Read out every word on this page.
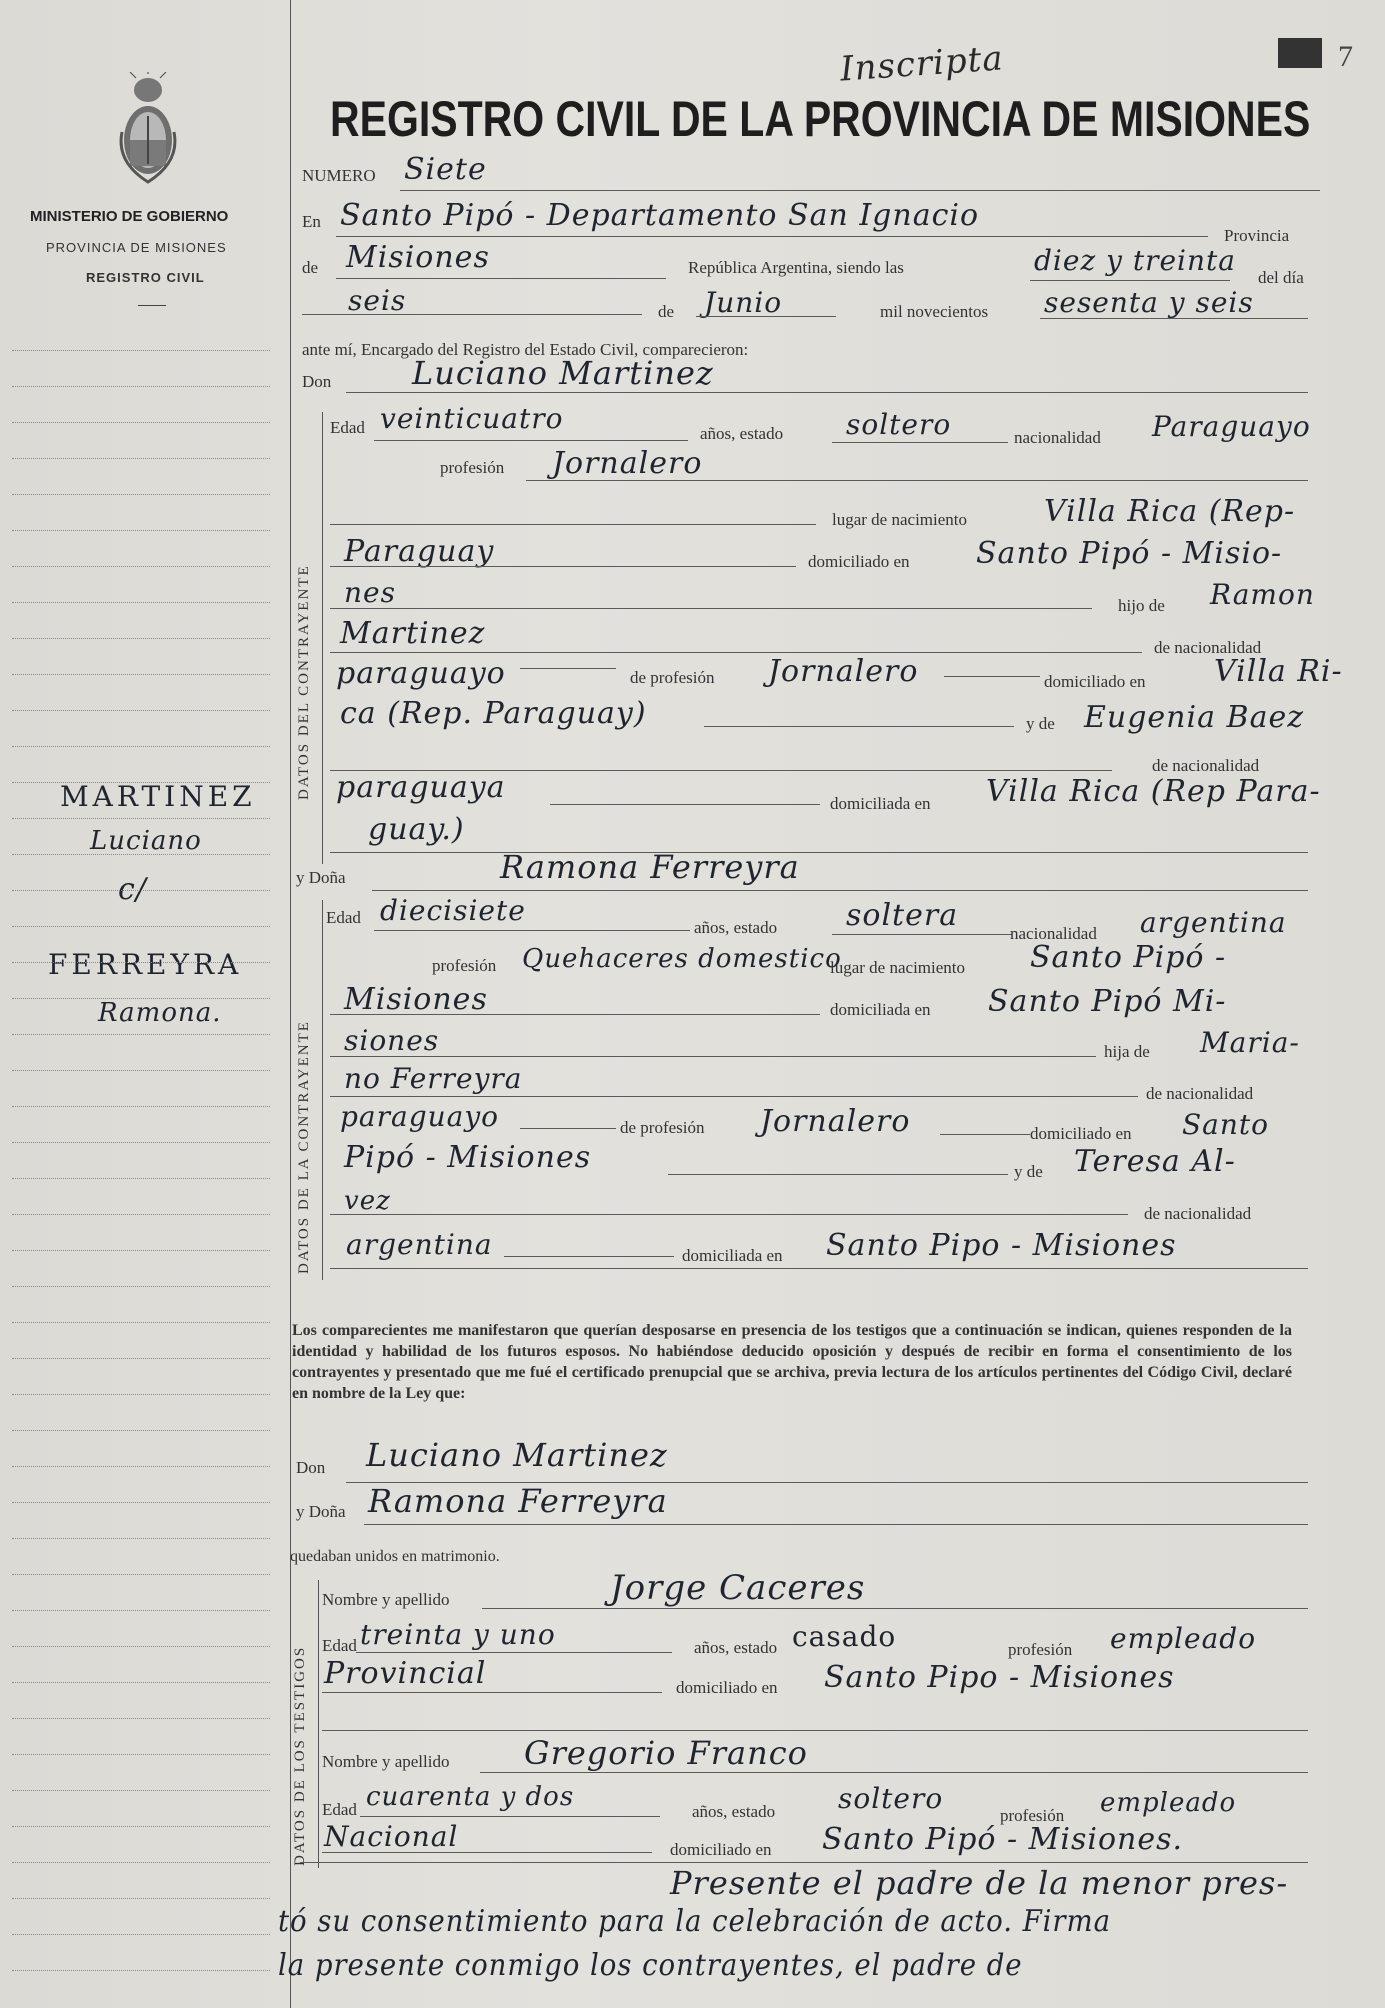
MINISTERIO DE GOBIERNO
PROVINCIA DE MISIONES
REGISTRO CIVIL
MARTINEZ
Luciano
c/
FERREYRA
Ramona.
REGISTRO CIVIL DE LA PROVINCIA DE MISIONES
Inscripta	7
NUMERO Siete
En Santo Pipó - Departamento San Ignacio
Provincia
de Misiones	República Argentina, siendo las	diez y treinta
del día
seis	de Junio	mil novecientos sesenta y seis
ante mí, Encargado del Registro del Estado Civil, comparecieron:
Don	Luciano Martinez
DATOS DEL CONTRAYENTE
Edad veinticuatro	años, estado soltero	nacionalidad Paraguayo
profesión Jornalero
lugar de nacimiento	Villa Rica (Rep-
Paraguay	domiciliado en Santo Pipó - Misio-
nes	hijo de Ramon
Martinez	de nacionalidad
paraguayo	de profesión Jornalero	domiciliado en Villa Ri-
ca (Rep. Paraguay)	y de Eugenia Baez
de nacionalidad
paraguaya	domiciliada en Villa Rica (Rep Para-
guay.)
y Doña	Ramona Ferreyra
DATOS DE LA CONTRAYENTE
Edad diecisiete
años, estado soltera
nacionalidad argentina
profesión Quehaceres domestico
lugar de nacimiento Santo Pipó -
Misiones	domiciliada en Santo Pipó Mi-
siones	hija de Maria-
no Ferreyra	de nacionalidad
paraguayo	de profesión Jornalero	domiciliado en Santo
Pipó - Misiones	y de Teresa Al-
vez	de nacionalidad
argentina	domiciliada en Santo Pipo - Misiones
Los comparecientes me manifestaron que querían desposarse en presencia de los testigos que a continuación se indican, quienes responden de la identidad y habilidad de los futuros esposos. No habiéndose deducido oposición y después de recibir en forma el consentimiento de los contrayentes y presentado que me fué el certificado prenupcial que se archiva, previa lectura de los artículos pertinentes del Código Civil, declaré en nombre de la Ley que:
Don Luciano Martinez
y Doña Ramona Ferreyra
quedaban unidos en matrimonio.
DATOS DE LOS TESTIGOS
Nombre y apellido	Jorge Caceres
Edad treinta y uno	años, estado casado	profesión empleado
Provincial	domiciliado en Santo Pipo - Misiones
Nombre y apellido Gregorio Franco
Edad cuarenta y dos	años, estado soltero
profesión empleado
Nacional	domiciliado en Santo Pipó - Misiones.
Presente el padre de la menor pres-
tó su consentimiento para la celebración de acto. Firma
la presente conmigo los contrayentes, el padre de
